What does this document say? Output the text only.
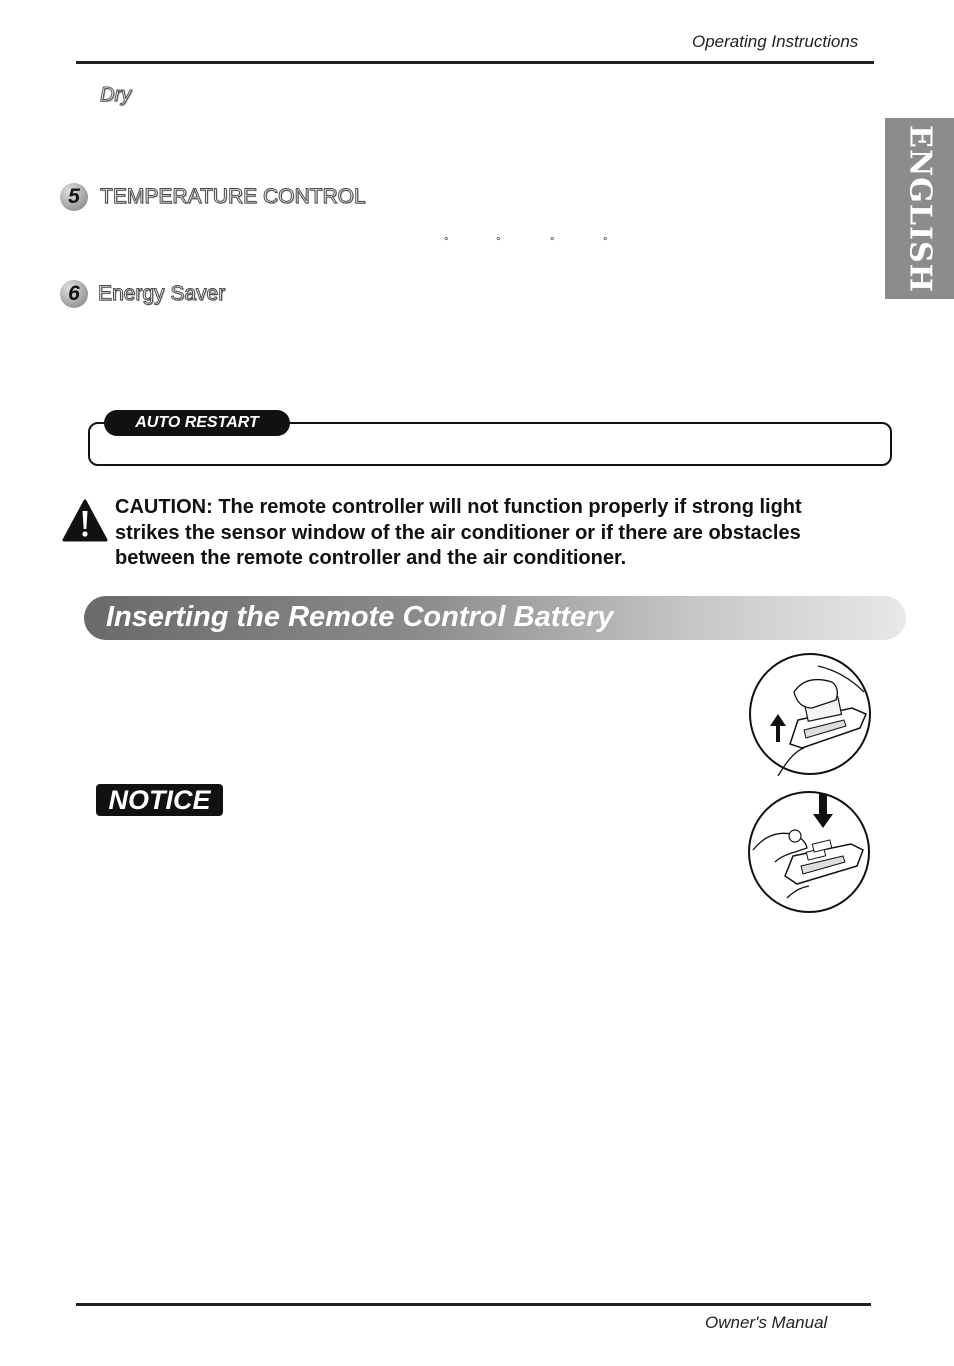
Operating Instructions
Dry
ENGLISH
5 TEMPERATURE CONTROL
°	°	°	°
6 Energy Saver
AUTO RESTART
CAUTION: The remote controller will not function properly if strong light strikes the sensor window of the air conditioner or if there are obstacles between the remote controller and the air conditioner.
Inserting the Remote Control Battery
NOTICE
Owner's Manual
